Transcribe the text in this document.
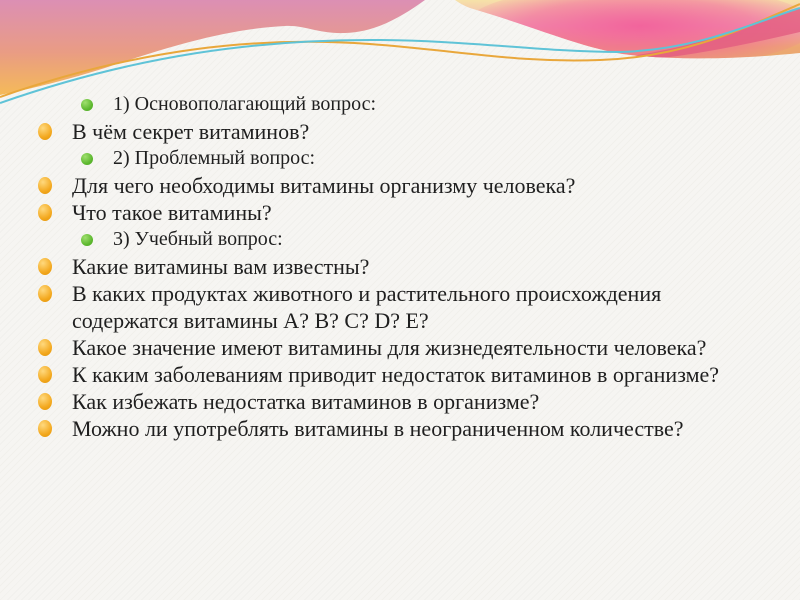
1) Основополагающий вопрос:
В чём секрет витаминов?
2) Проблемный вопрос:
Для чего необходимы витамины организму человека?
Что такое витамины?
3) Учебный вопрос:
Какие витамины вам известны?
В каких продуктах животного и растительного происхождения содержатся витамины А? В? С? D? Е?
Какое значение имеют витамины для жизнедеятельности человека?
К каким заболеваниям приводит недостаток витаминов в организме?
Как избежать недостатка витаминов в организме?
Можно ли употреблять витамины в неограниченном количестве?
